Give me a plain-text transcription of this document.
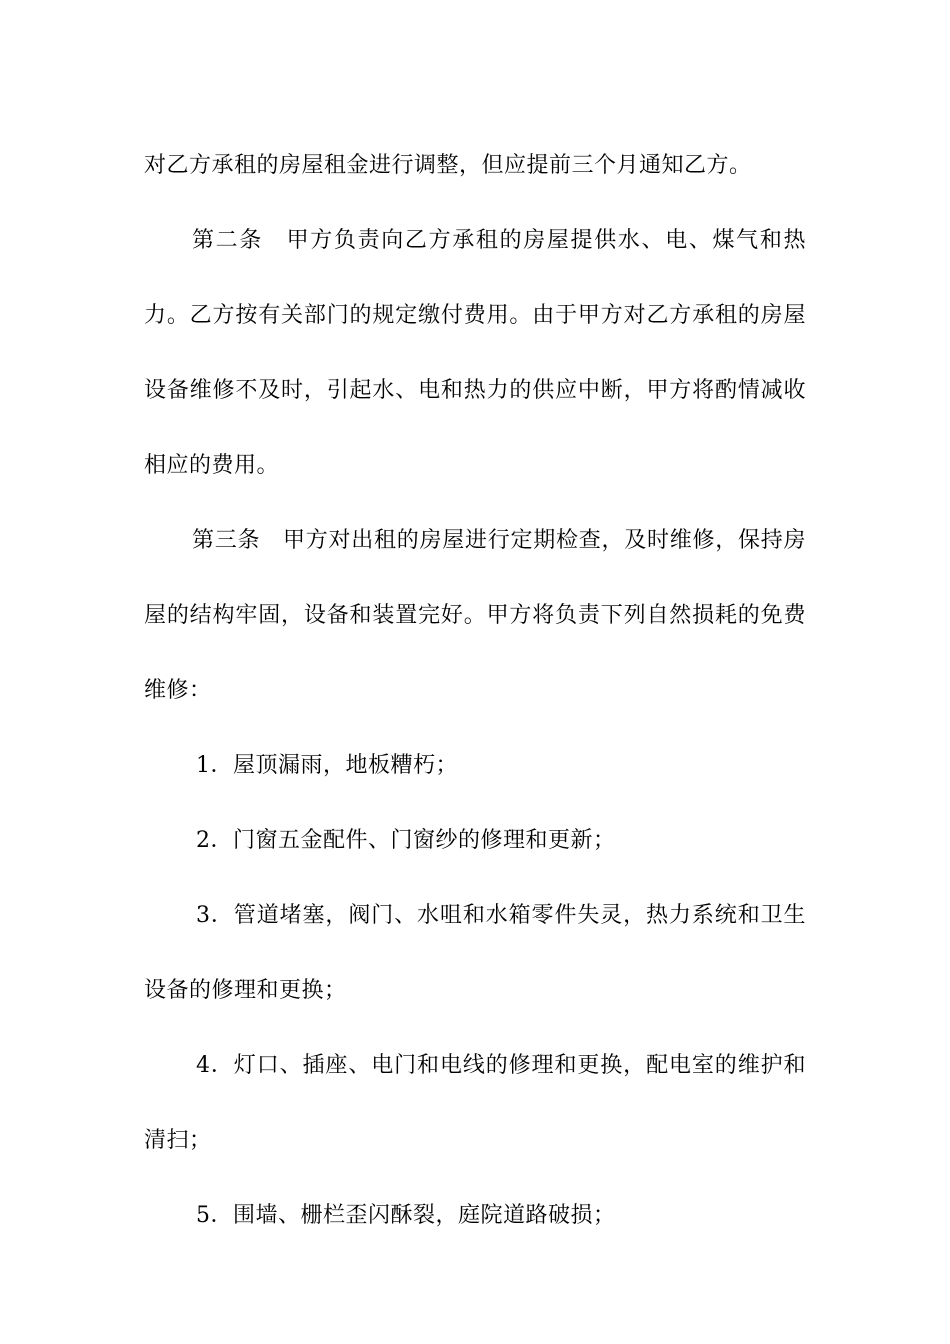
对乙方承租的房屋租金进行调整，但应提前三个月通知乙方。

第二条　甲方负责向乙方承租的房屋提供水、电、煤气和热力。乙方按有关部门的规定缴付费用。由于甲方对乙方承租的房屋设备维修不及时，引起水、电和热力的供应中断，甲方将酌情减收相应的费用。

第三条　甲方对出租的房屋进行定期检查，及时维修，保持房屋的结构牢固，设备和装置完好。甲方将负责下列自然损耗的免费维修：

1．屋顶漏雨，地板糟朽；

2．门窗五金配件、门窗纱的修理和更新；

3．管道堵塞，阀门、水咀和水箱零件失灵，热力系统和卫生设备的修理和更换；

4．灯口、插座、电门和电线的修理和更换，配电室的维护和清扫；

5．围墙、栅栏歪闪酥裂，庭院道路破损；
